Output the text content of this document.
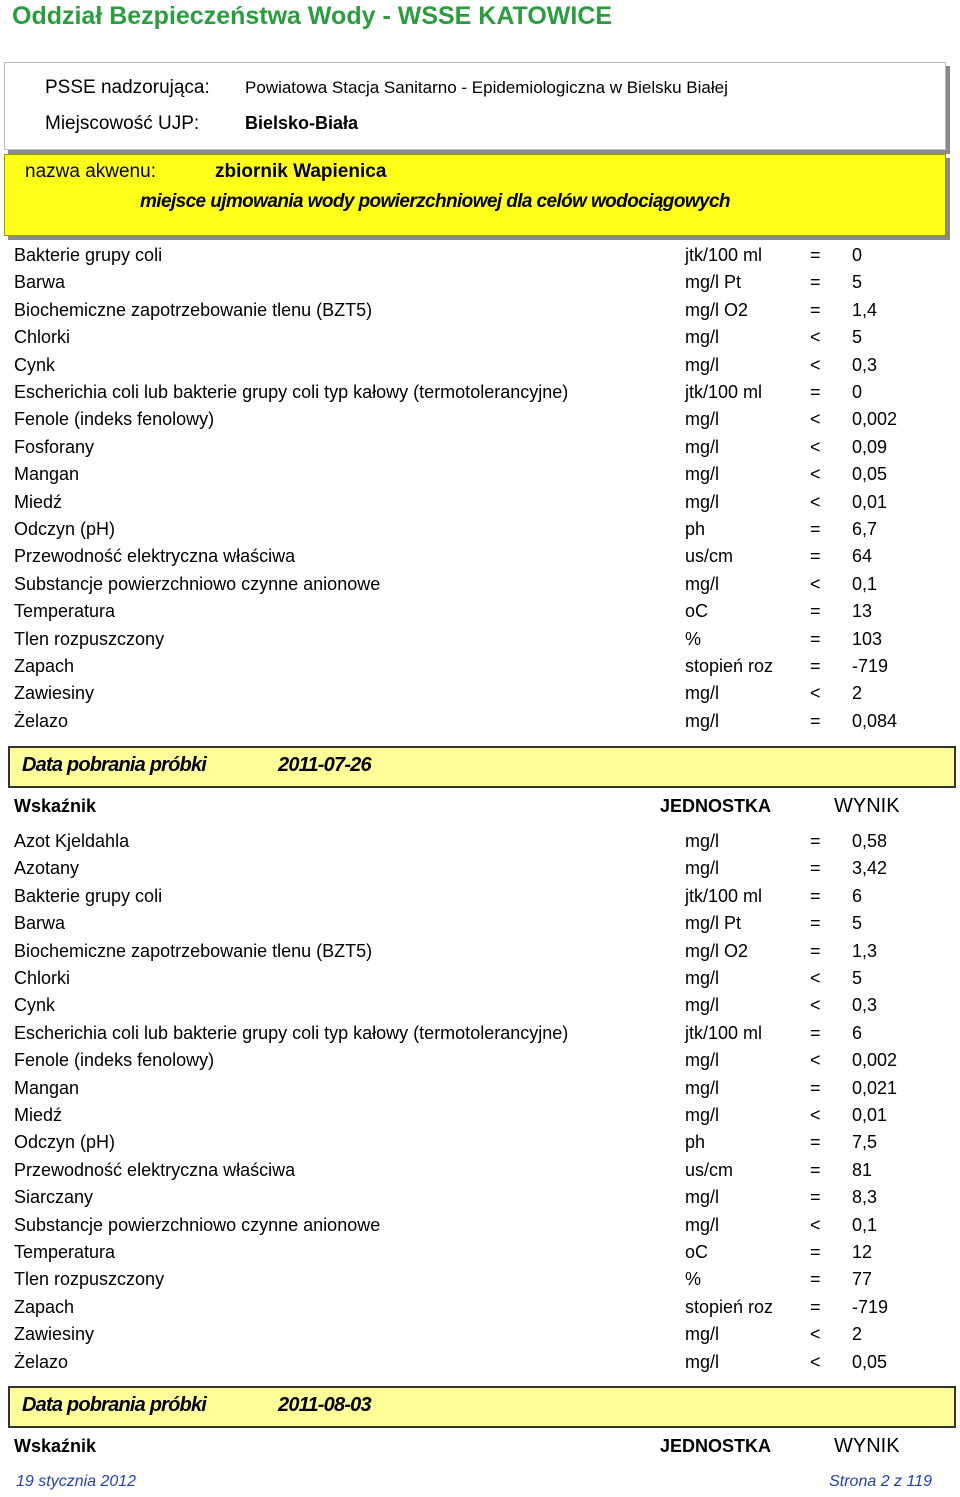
Oddział Bezpieczeństwa Wody - WSSE KATOWICE
PSSE nadzorująca: Powiatowa Stacja Sanitarno - Epidemiologiczna w Bielsku Białej
Miejscowość UJP:	Bielsko-Biała
nazwa akwenu:	zbiornik Wapienica
miejsce ujmowania wody powierzchniowej dla celów wodociągowych
Bakterie grupy coli	jtk/100 ml	= 0
Barwa	mg/l Pt	= 5
Biochemiczne zapotrzebowanie tlenu (BZT5)	mg/l O2	= 1,4
Chlorki	mg/l	< 5
Cynk	mg/l	< 0,3
Escherichia coli lub bakterie grupy coli typ kałowy (termotolerancyjne)	jtk/100 ml	= 0
Fenole (indeks fenolowy)	mg/l	< 0,002
Fosforany	mg/l	< 0,09
Mangan	mg/l	< 0,05
Miedź	mg/l	< 0,01
Odczyn (pH)	ph	= 6,7
Przewodność elektryczna właściwa	us/cm	= 64
Substancje powierzchniowo czynne anionowe	mg/l	< 0,1
Temperatura	oC	= 13
Tlen rozpuszczony	%	= 103
Zapach	stopień roz = -719
Zawiesiny	mg/l	< 2
Żelazo	mg/l	= 0,084
Data pobrania próbki	2011-07-26
Wskaźnik	JEDNOSTKA	WYNIK
Azot Kjeldahla	mg/l	= 0,58
Azotany	mg/l	= 3,42
Bakterie grupy coli	jtk/100 ml	= 6
Barwa	mg/l Pt	= 5
Biochemiczne zapotrzebowanie tlenu (BZT5)	mg/l O2	= 1,3
Chlorki	mg/l	< 5
Cynk	mg/l	< 0,3
Escherichia coli lub bakterie grupy coli typ kałowy (termotolerancyjne)	jtk/100 ml	= 6
Fenole (indeks fenolowy)	mg/l	< 0,002
Mangan	mg/l	= 0,021
Miedź	mg/l	< 0,01
Odczyn (pH)	ph	= 7,5
Przewodność elektryczna właściwa	us/cm	= 81
Siarczany	mg/l	= 8,3
Substancje powierzchniowo czynne anionowe	mg/l	< 0,1
Temperatura	oC	= 12
Tlen rozpuszczony	%	= 77
Zapach	stopień roz = -719
Zawiesiny	mg/l	< 2
Żelazo	mg/l	< 0,05
Data pobrania próbki	2011-08-03
Wskaźnik	JEDNOSTKA	WYNIK
19 stycznia 2012	Strona 2 z 119
